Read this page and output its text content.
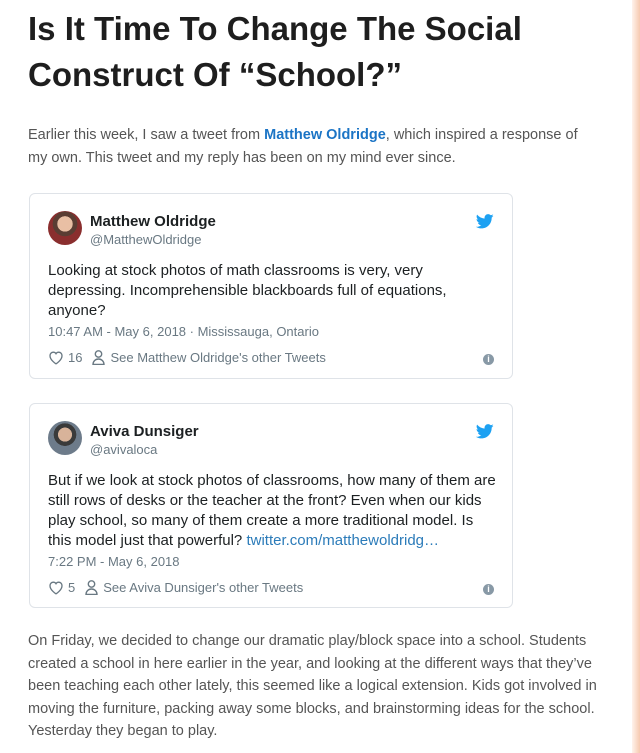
Is It Time To Change The Social Construct Of “School?”

Earlier this week, I saw a tweet from Matthew Oldridge, which inspired a response of my own. This tweet and my reply has been on my mind ever since.

Matthew Oldridge
@MatthewOldridge

Looking at stock photos of math classrooms is very, very depressing. Incomprehensible blackboards full of equations, anyone?

10:47 AM - May 6, 2018 · Mississauga, Ontario
16 See Matthew Oldridge's other Tweets	i
Aviva Dunsiger
@avivaloca

But if we look at stock photos of classrooms, how many of them are still rows of desks or the teacher at the front? Even when our kids play school, so many of them create a more traditional model. Is this model just that powerful? twitter.com/matthewoldridg…

7:22 PM - May 6, 2018
5 See Aviva Dunsiger's other Tweets	i

On Friday, we decided to change our dramatic play/block space into a school. Students created a school in here earlier in the year, and looking at the different ways that they’ve been teaching each other lately, this seemed like a logical extension. Kids got involved in moving the furniture, packing away some blocks, and brainstorming ideas for the school. Yesterday they began to play.
